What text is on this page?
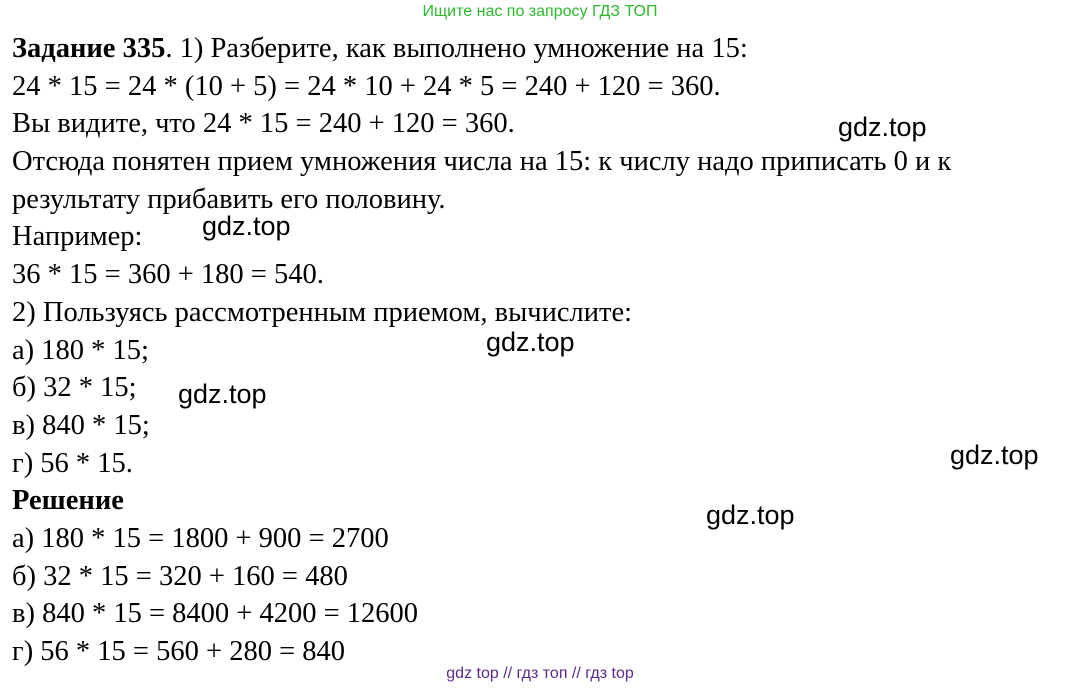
Ищите нас по запросу ГДЗ ТОП
Задание 335. 1) Разберите, как выполнено умножение на 15:
24 * 15 = 24 * (10 + 5) = 24 * 10 + 24 * 5 = 240 + 120 = 360.
Вы видите, что 24 * 15 = 240 + 120 = 360.
Отсюда понятен прием умножения числа на 15: к числу надо приписать 0 и к
результату прибавить его половину.
Например:
36 * 15 = 360 + 180 = 540.
2) Пользуясь рассмотренным приемом, вычислите:
а) 180 * 15;
б) 32 * 15;
в) 840 * 15;
г) 56 * 15.
Решение
а) 180 * 15 = 1800 + 900 = 2700
б) 32 * 15 = 320 + 160 = 480
в) 840 * 15 = 8400 + 4200 = 12600
г) 56 * 15 = 560 + 280 = 840
gdz.top
gdz.top
gdz.top
gdz.top
gdz.top
gdz.top
gdz top // гдз топ // гдз top
